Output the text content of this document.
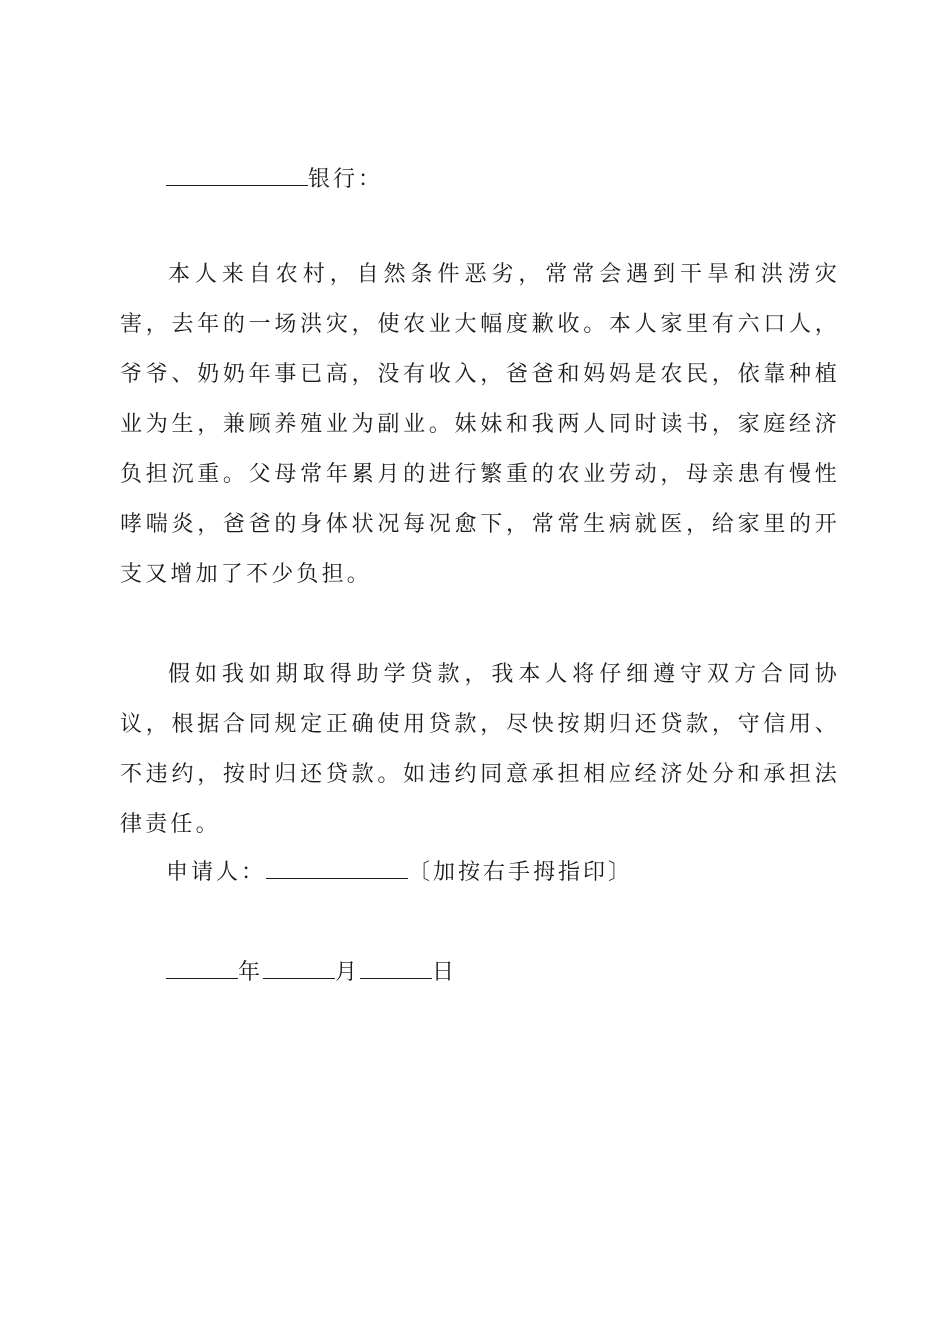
银行：

本人来自农村，自然条件恶劣，常常会遇到干旱和洪涝灾害，去年的一场洪灾，使农业大幅度歉收。本人家里有六口人，爷爷、奶奶年事已高，没有收入，爸爸和妈妈是农民，依靠种植业为生，兼顾养殖业为副业。妹妹和我两人同时读书，家庭经济负担沉重。父母常年累月的进行繁重的农业劳动，母亲患有慢性哮喘炎，爸爸的身体状况每况愈下，常常生病就医，给家里的开支又增加了不少负担。

假如我如期取得助学贷款，我本人将仔细遵守双方合同协议，根据合同规定正确使用贷款，尽快按期归还贷款，守信用、不违约，按时归还贷款。如违约同意承担相应经济处分和承担法律责任。

申请人：	〔加按右手拇指印〕
年	月	日
